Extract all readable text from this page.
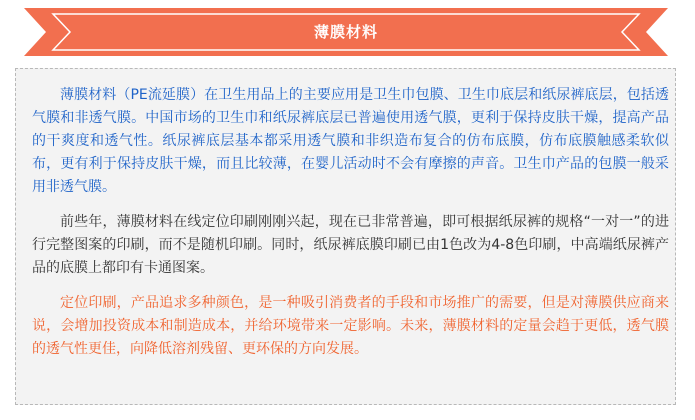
薄膜材料

薄膜材料（PE流延膜）在卫生用品上的主要应用是卫生巾包膜、卫生巾底层和纸尿裤底层，包括透气膜和非透气膜。中国市场的卫生巾和纸尿裤底层已普遍使用透气膜，更利于保持皮肤干燥，提高产品的干爽度和透气性。纸尿裤底层基本都采用透气膜和非织造布复合的仿布底膜，仿布底膜触感柔软似布，更有利于保持皮肤干燥，而且比较薄，在婴儿活动时不会有摩擦的声音。卫生巾产品的包膜一般采用非透气膜。

前些年，薄膜材料在线定位印刷刚刚兴起，现在已非常普遍，即可根据纸尿裤的规格“一对一”的进行完整图案的印刷，而不是随机印刷。同时，纸尿裤底膜印刷已由1色改为4-8色印刷，中高端纸尿裤产品的底膜上都印有卡通图案。

定位印刷，产品追求多种颜色，是一种吸引消费者的手段和市场推广的需要，但是对薄膜供应商来说，会增加投资成本和制造成本，并给环境带来一定影响。未来，薄膜材料的定量会趋于更低，透气膜的透气性更佳，向降低溶剂残留、更环保的方向发展。
